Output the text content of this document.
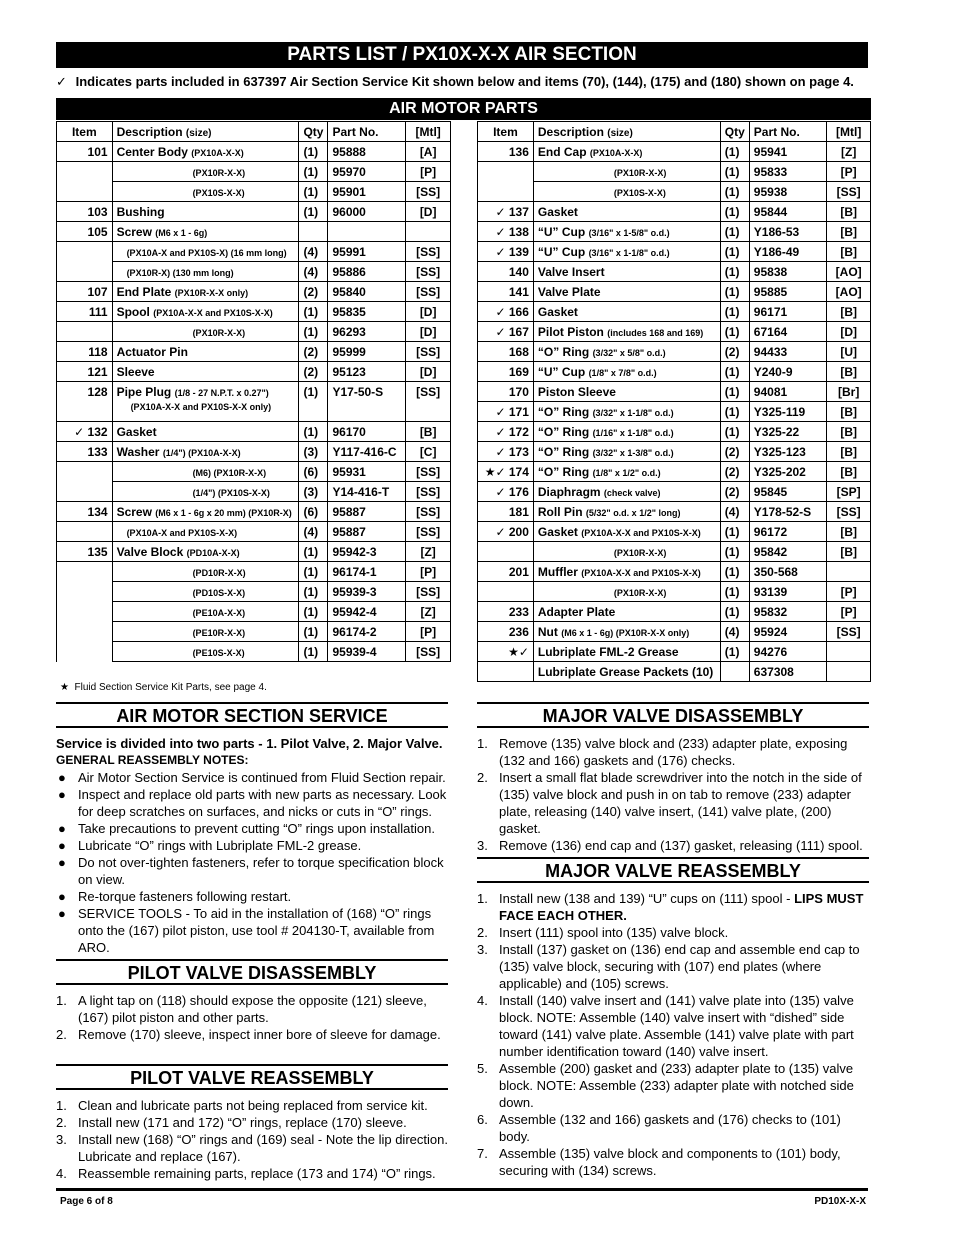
PARTS LIST / PX10X-X-X AIR SECTION
✓ Indicates parts included in 637397 Air Section Service Kit shown below and items (70), (144), (175) and (180) shown on page 4.
AIR MOTOR PARTS
Item	Description (size)	Qty	Part No.	[Mtl]
101	Center Body (PX10A-X-X)	(1)	95888	[A]
	(PX10R-X-X)	(1)	95970	[P]
	(PX10S-X-X)	(1)	95901	[SS]
103	Bushing	(1)	96000	[D]
105	Screw (M6 x 1 - 6g)			
	(PX10A-X and PX10S-X) (16 mm long)	(4)	95991	[SS]
	(PX10R-X) (130 mm long)	(4)	95886	[SS]
107	End Plate (PX10R-X-X only)	(2)	95840	[SS]
111	Spool (PX10A-X-X and PX10S-X-X)	(1)	95835	[D]
	(PX10R-X-X)	(1)	96293	[D]
118	Actuator Pin	(2)	95999	[SS]
121	Sleeve	(2)	95123	[D]
128	Pipe Plug (1/8 - 27 N.P.T. x 0.27")
(PX10A-X-X and PX10S-X-X only)	(1)	Y17-50-S	[SS]
✓ 132	Gasket	(1)	96170	[B]
133	Washer (1/4") (PX10A-X-X)	(3)	Y117-416-C	[C]
	(M6) (PX10R-X-X)	(6)	95931	[SS]
	(1/4") (PX10S-X-X)	(3)	Y14-416-T	[SS]
134	Screw (M6 x 1 - 6g x 20 mm) (PX10R-X)	(6)	95887	[SS]
	(PX10A-X and PX10S-X-X)	(4)	95887	[SS]
135	Valve Block (PD10A-X-X)	(1)	95942-3	[Z]
	(PD10R-X-X)	(1)	96174-1	[P]
	(PD10S-X-X)	(1)	95939-3	[SS]
	(PE10A-X-X)	(1)	95942-4	[Z]
	(PE10R-X-X)	(1)	96174-2	[P]
	(PE10S-X-X)	(1)	95939-4	[SS]
Item	Description (size)	Qty	Part No.	[Mtl]
136	End Cap (PX10A-X-X)	(1)	95941	[Z]
	(PX10R-X-X)	(1)	95833	[P]
	(PX10S-X-X)	(1)	95938	[SS]
✓ 137	Gasket	(1)	95844	[B]
✓ 138	“U” Cup (3/16" x 1-5/8" o.d.)	(1)	Y186-53	[B]
✓ 139	“U” Cup (3/16" x 1-1/8" o.d.)	(1)	Y186-49	[B]
140	Valve Insert	(1)	95838	[AO]
141	Valve Plate	(1)	95885	[AO]
✓ 166	Gasket	(1)	96171	[B]
✓ 167	Pilot Piston (includes 168 and 169)	(1)	67164	[D]
168	“O” Ring (3/32" x 5/8" o.d.)	(2)	94433	[U]
169	“U” Cup (1/8" x 7/8" o.d.)	(1)	Y240-9	[B]
170	Piston Sleeve	(1)	94081	[Br]
✓ 171	“O” Ring (3/32" x 1-1/8" o.d.)	(1)	Y325-119	[B]
✓ 172	“O” Ring (1/16" x 1-1/8" o.d.)	(1)	Y325-22	[B]
✓ 173	“O” Ring (3/32" x 1-3/8" o.d.)	(2)	Y325-123	[B]
★✓ 174	“O” Ring (1/8" x 1/2" o.d.)	(2)	Y325-202	[B]
✓ 176	Diaphragm (check valve)	(2)	95845	[SP]
181	Roll Pin (5/32" o.d. x 1/2" long)	(4)	Y178-52-S	[SS]
✓ 200	Gasket (PX10A-X-X and PX10S-X-X)	(1)	96172	[B]
	(PX10R-X-X)	(1)	95842	[B]
201	Muffler (PX10A-X-X and PX10S-X-X)	(1)	350-568	
	(PX10R-X-X)	(1)	93139	[P]
233	Adapter Plate	(1)	95832	[P]
236	Nut (M6 x 1 - 6g) (PX10R-X-X only)	(4)	95924	[SS]
★✓	Lubriplate FML-2 Grease	(1)	94276	
	Lubriplate Grease Packets (10)		637308	
★ Fluid Section Service Kit Parts, see page 4.
AIR MOTOR SECTION SERVICE
Service is divided into two parts - 1. Pilot Valve, 2. Major Valve.
GENERAL REASSEMBLY NOTES:
● Air Motor Section Service is continued from Fluid Section repair.
● Inspect and replace old parts with new parts as necessary. Look for deep scratches on surfaces, and nicks or cuts in “O” rings.
● Take precautions to prevent cutting “O” rings upon installation.
● Lubricate “O” rings with Lubriplate FML-2 grease.
● Do not over-tighten fasteners, refer to torque specification block on view.
● Re-torque fasteners following restart.
● SERVICE TOOLS - To aid in the installation of (168) “O” rings onto the (167) pilot piston, use tool # 204130-T, available from ARO.
PILOT VALVE DISASSEMBLY
1. A light tap on (118) should expose the opposite (121) sleeve, (167) pilot piston and other parts.
2. Remove (170) sleeve, inspect inner bore of sleeve for damage.
PILOT VALVE REASSEMBLY
1. Clean and lubricate parts not being replaced from service kit.
2. Install new (171 and 172) “O” rings, replace (170) sleeve.
3. Install new (168) “O” rings and (169) seal - Note the lip direction. Lubricate and replace (167).
4. Reassemble remaining parts, replace (173 and 174) “O” rings.
MAJOR VALVE DISASSEMBLY
1. Remove (135) valve block and (233) adapter plate, exposing (132 and 166) gaskets and (176) checks.
2. Insert a small flat blade screwdriver into the notch in the side of (135) valve block and push in on tab to remove (233) adapter plate, releasing (140) valve insert, (141) valve plate, (200) gasket.
3. Remove (136) end cap and (137) gasket, releasing (111) spool.
MAJOR VALVE REASSEMBLY
1. Install new (138 and 139) “U” cups on (111) spool - LIPS MUST FACE EACH OTHER.
2. Insert (111) spool into (135) valve block.
3. Install (137) gasket on (136) end cap and assemble end cap to (135) valve block, securing with (107) end plates (where applicable) and (105) screws.
4. Install (140) valve insert and (141) valve plate into (135) valve block. NOTE: Assemble (140) valve insert with “dished” side toward (141) valve plate. Assemble (141) valve plate with part number identification toward (140) valve insert.
5. Assemble (200) gasket and (233) adapter plate to (135) valve block. NOTE: Assemble (233) adapter plate with notched side down.
6. Assemble (132 and 166) gaskets and (176) checks to (101) body.
7. Assemble (135) valve block and components to (101) body, securing with (134) screws.
Page 6 of 8	PD10X-X-X
